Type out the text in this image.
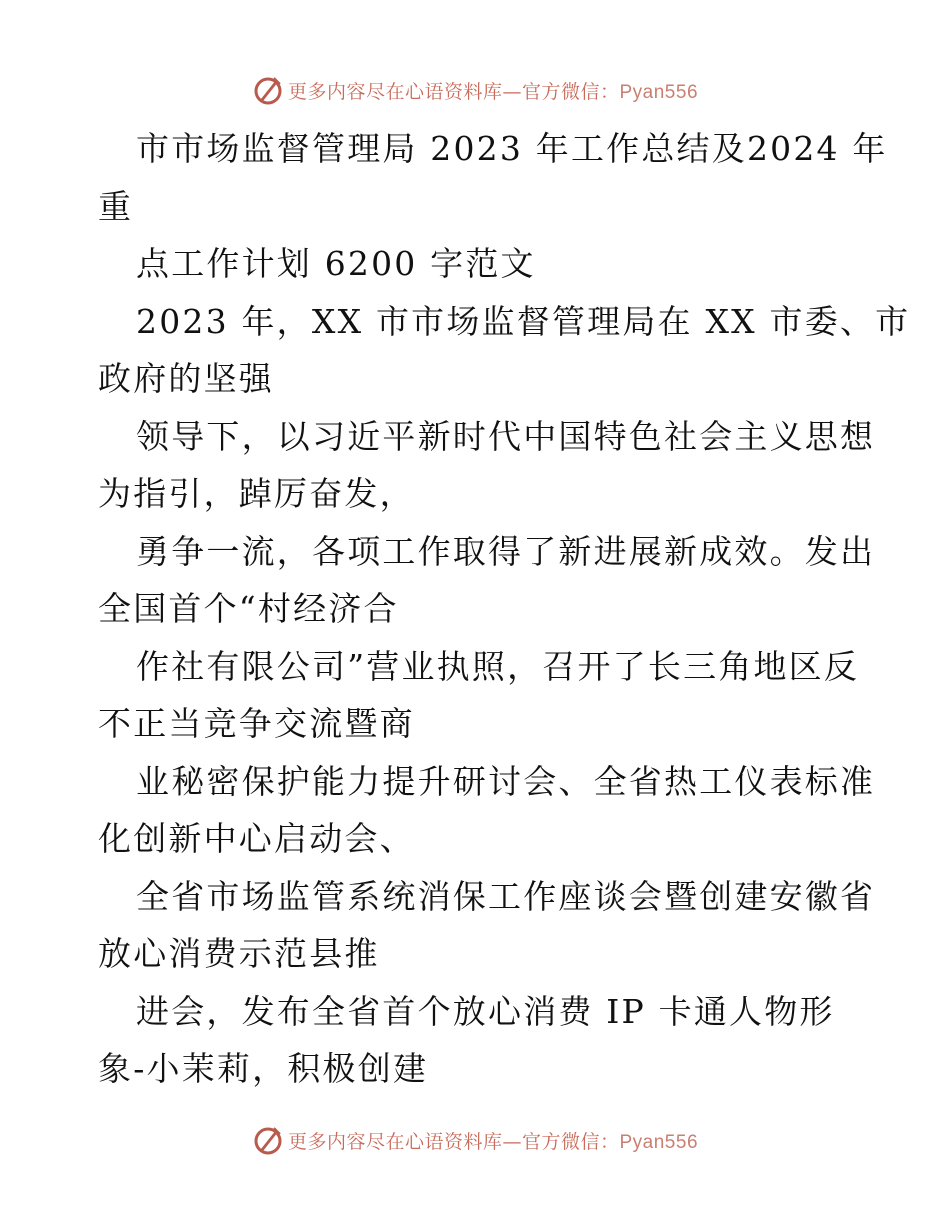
更多内容尽在心语资料库—官方微信：Pyan556
市市场监督管理局 2023 年工作总结及2024 年
重
点工作计划 6200 字范文
2023 年，XX 市市场监督管理局在 XX 市委、市
政府的坚强
领导下，以习近平新时代中国特色社会主义思想
为指引，踔厉奋发，
勇争一流，各项工作取得了新进展新成效。发出
全国首个“村经济合
作社有限公司”营业执照，召开了长三角地区反
不正当竞争交流暨商
业秘密保护能力提升研讨会、全省热工仪表标准
化创新中心启动会、
全省市场监管系统消保工作座谈会暨创建安徽省
放心消费示范县推
进会，发布全省首个放心消费 IP 卡通人物形
象-小茉莉，积极创建
更多内容尽在心语资料库—官方微信：Pyan556
